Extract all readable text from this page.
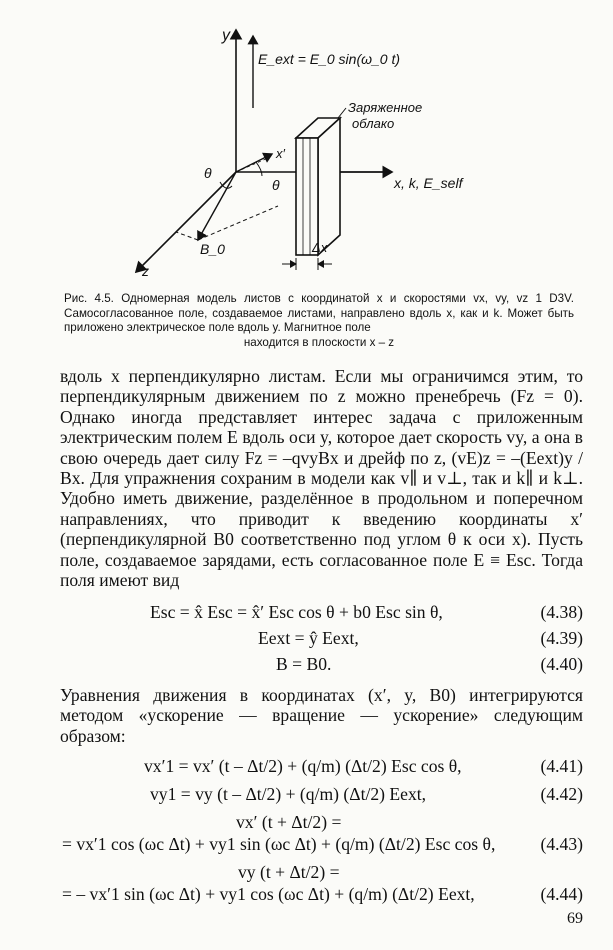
y
E_ext = E_0 sin(ω_0 t)
Заряженное
облако
x′
θ
θ	x, k, E_self
B_0	Δx
z
Рис. 4.5. Одномерная модель листов с координатой x и скоростями vx, vy, vz 1 D3V. Самосогласованное поле, создаваемое листами, направлено вдоль x, как и k. Может быть приложено электрическое поле вдоль y. Магнитное поле
находится в плоскости x – z

вдоль x перпендикулярно листам. Если мы ограничимся этим, то перпендикулярным движением по z можно пренебречь (Fz = 0). Однако иногда представляет интерес задача с приложенным электрическим полем E вдоль оси y, которое дает скорость vy, а она в свою очередь дает силу Fz = –qvyBx и дрейф по z, (vE)z = –(Eext)y / Bx. Для упражнения сохраним в модели как v∥ и v⊥, так и k∥ и k⊥. Удобно иметь движение, разделённое в продольном и поперечном направлениях, что приводит к введению координаты x′ (перпендикулярной B0 соответственно под углом θ к оси x). Пусть поле, создаваемое зарядами, есть согласованное поле E ≡ Esc. Тогда поля имеют вид

Esc = x̂ Esc = x̂′ Esc cos θ + b0 Esc sin θ,	(4.38)
Eext = ŷ Eext,	(4.39)
B = B0.	(4.40)

Уравнения движения в координатах (x′, y, B0) интегрируются методом «ускорение — вращение — ускорение» следующим образом:

vx′1 = vx′ (t – Δt/2) + (q/m) (Δt/2) Esc cos θ,	(4.41)
vy1 = vy (t – Δt/2) + (q/m) (Δt/2) Eext,	(4.42)
vx′ (t + Δt/2) =
= vx′1 cos (ωc Δt) + vy1 sin (ωc Δt) + (q/m) (Δt/2) Esc cos θ,	(4.43)
vy (t + Δt/2) =
= – vx′1 sin (ωc Δt) + vy1 cos (ωc Δt) + (q/m) (Δt/2) Eext,	(4.44)
69
